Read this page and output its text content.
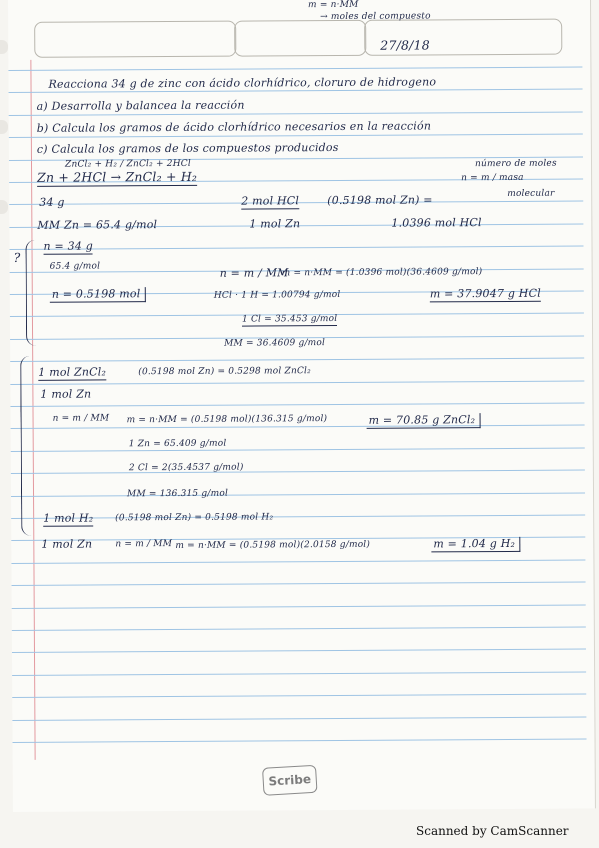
m = n·MM
→ moles del compuesto
27/8/18
Reacciona 34 g de zinc con ácido clorhídrico, cloruro de hidrogeno
a) Desarrolla y balancea la reacción
b) Calcula los gramos de ácido clorhídrico necesarios en la reacción
c) Calcula los gramos de los compuestos producidos
ZnCl₂ + H₂ / ZnCl₂ + 2HCl	número de moles
n = m / masa
molecular
Zn + 2HCl → ZnCl₂ + H₂
34 g	2 mol HCl	(0.5198 mol Zn) =
MM Zn = 65.4 g/mol	1 mol Zn	1.0396 mol HCl
?
n = 34 g
65.4 g/mol	n = m / MM
m = n·MM = (1.0396 mol)(36.4609 g/mol)
n = 0.5198 mol	HCl · 1 H = 1.00794 g/mol	m = 37.9047 g HCl
1 Cl = 35.453 g/mol
MM = 36.4609 g/mol
1 mol ZnCl₂	(0.5198 mol Zn) = 0.5298 mol ZnCl₂
1 mol Zn
n = m / MM m = n·MM = (0.5198 mol)(136.315 g/mol)	m = 70.85 g ZnCl₂
1 Zn = 65.409 g/mol
2 Cl = 2(35.4537 g/mol)
MM = 136.315 g/mol
1 mol H₂ (0.5198 mol Zn) = 0.5198 mol H₂
1 mol Zn	n = m / MM m = n·MM = (0.5198 mol)(2.0158 g/mol)	m = 1.04 g H₂
Scribe
Scanned by CamScanner
